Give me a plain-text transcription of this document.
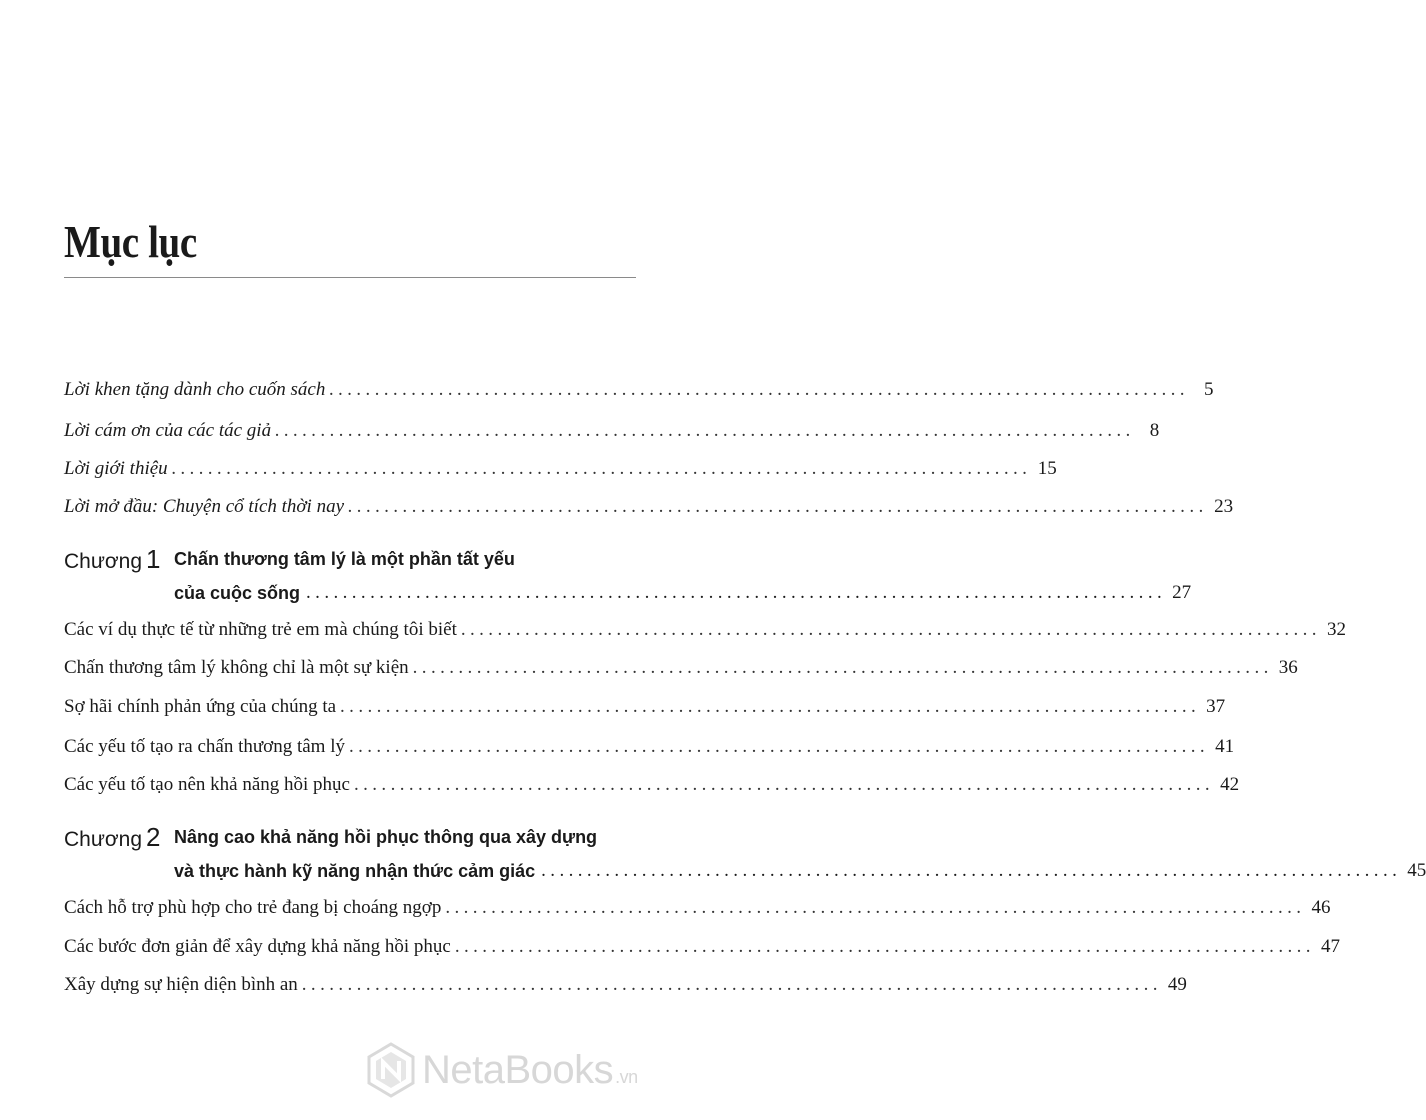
Mục lục
Lời khen tặng dành cho cuốn sách .............................................................................................. 5
Lời cám ơn của các tác giả .............................................................................................. 8
Lời giới thiệu .............................................................................................. 15
Lời mở đầu: Chuyện cổ tích thời nay .............................................................................................. 23
Chương 1 Chấn thương tâm lý là một phần tất yếu
của cuộc sống .............................................................................................. 27
Các ví dụ thực tế từ những trẻ em mà chúng tôi biết .............................................................................................. 32
Chấn thương tâm lý không chỉ là một sự kiện .............................................................................................. 36
Sợ hãi chính phản ứng của chúng ta .............................................................................................. 37
Các yếu tố tạo ra chấn thương tâm lý .............................................................................................. 41
Các yếu tố tạo nên khả năng hồi phục .............................................................................................. 42
Chương 2 Nâng cao khả năng hồi phục thông qua xây dựng
và thực hành kỹ năng nhận thức cảm giác .............................................................................................. 45
Cách hỗ trợ phù hợp cho trẻ đang bị choáng ngợp .............................................................................................. 46
Các bước đơn giản để xây dựng khả năng hồi phục .............................................................................................. 47
Xây dựng sự hiện diện bình an .............................................................................................. 49
NetaBooks .vn
